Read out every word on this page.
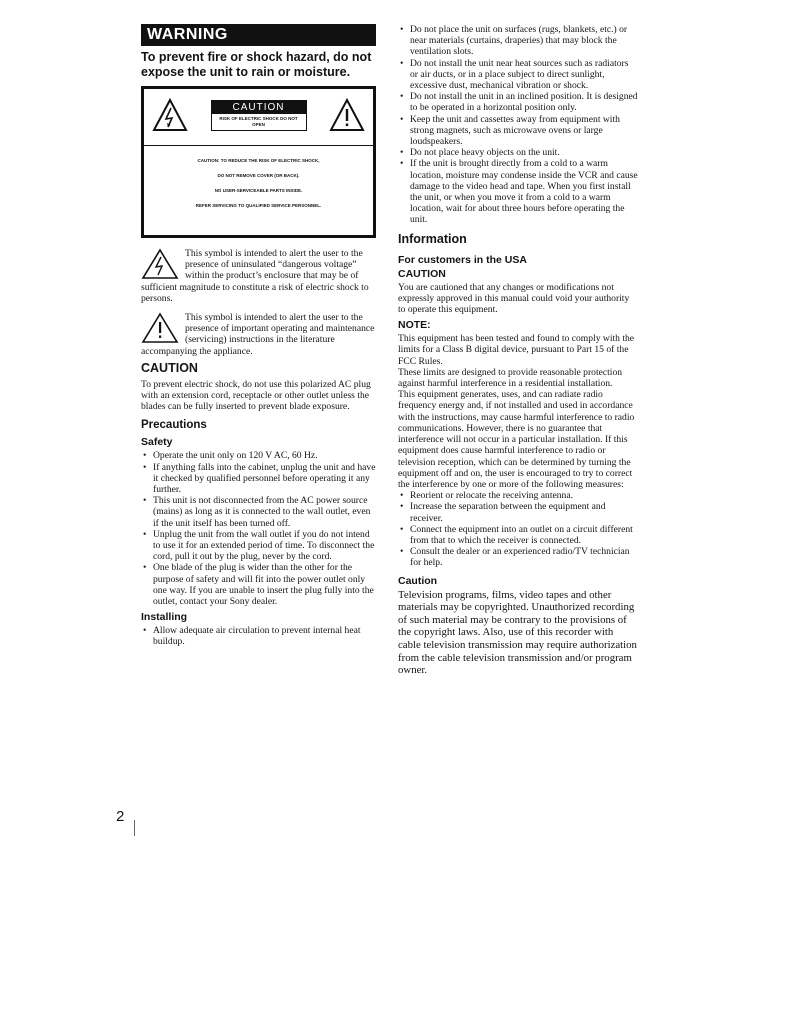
WARNING
To prevent fire or shock hazard, do not expose the unit to rain or moisture.
CAUTION
RISK OF ELECTRIC SHOCK DO NOT OPEN
CAUTION: TO REDUCE THE RISK OF ELECTRIC SHOCK,
DO NOT REMOVE COVER (OR BACK).
NO USER-SERVICEABLE PARTS INSIDE.
REFER SERVICING TO QUALIFIED SERVICE PERSONNEL.

This symbol is intended to alert the user to the presence of uninsulated “dangerous voltage” within the product’s enclosure that may be of sufficient magnitude to constitute a risk of electric shock to persons.

This symbol is intended to alert the user to the presence of important operating and maintenance (servicing) instructions in the literature accompanying the appliance.

CAUTION

To prevent electric shock, do not use this polarized AC plug with an extension cord, receptacle or other outlet unless the blades can be fully inserted to prevent blade exposure.

Precautions
Safety
• Operate the unit only on 120 V AC, 60 Hz.
• If anything falls into the cabinet, unplug the unit and have it checked by qualified personnel before operating it any further.
• This unit is not disconnected from the AC power source (mains) as long as it is connected to the wall outlet, even if the unit itself has been turned off.
• Unplug the unit from the wall outlet if you do not intend to use it for an extended period of time. To disconnect the cord, pull it out by the plug, never by the cord.
• One blade of the plug is wider than the other for the purpose of safety and will fit into the power outlet only one way. If you are unable to insert the plug fully into the outlet, contact your Sony dealer.
Installing
• Allow adequate air circulation to prevent internal heat buildup.
• Do not place the unit on surfaces (rugs, blankets, etc.) or near materials (curtains, draperies) that may block the ventilation slots.
• Do not install the unit near heat sources such as radiators or air ducts, or in a place subject to direct sunlight, excessive dust, mechanical vibration or shock.
• Do not install the unit in an inclined position. It is designed to be operated in a horizontal position only.
• Keep the unit and cassettes away from equipment with strong magnets, such as microwave ovens or large loudspeakers.
• Do not place heavy objects on the unit.
• If the unit is brought directly from a cold to a warm location, moisture may condense inside the VCR and cause damage to the video head and tape. When you first install the unit, or when you move it from a cold to a warm location, wait for about three hours before operating the unit.
Information
For customers in the USA
CAUTION

You are cautioned that any changes or modifications not expressly approved in this manual could void your authority to operate this equipment.

NOTE:

This equipment has been tested and found to comply with the limits for a Class B digital device, pursuant to Part 15 of the FCC Rules.

These limits are designed to provide reasonable protection against harmful interference in a residential installation.

This equipment generates, uses, and can radiate radio frequency energy and, if not installed and used in accordance with the instructions, may cause harmful interference to radio communications. However, there is no guarantee that interference will not occur in a particular installation. If this equipment does cause harmful interference to radio or television reception, which can be determined by turning the equipment off and on, the user is encouraged to try to correct the interference by one or more of the following measures:

• Reorient or relocate the receiving antenna.
• Increase the separation between the equipment and receiver.
• Connect the equipment into an outlet on a circuit different from that to which the receiver is connected.
• Consult the dealer or an experienced radio/TV technician for help.
Caution

Television programs, films, video tapes and other materials may be copyrighted. Unauthorized recording of such material may be contrary to the provisions of the copyright laws. Also, use of this recorder with cable television transmission may require authorization from the cable television transmission and/or program owner.

2
